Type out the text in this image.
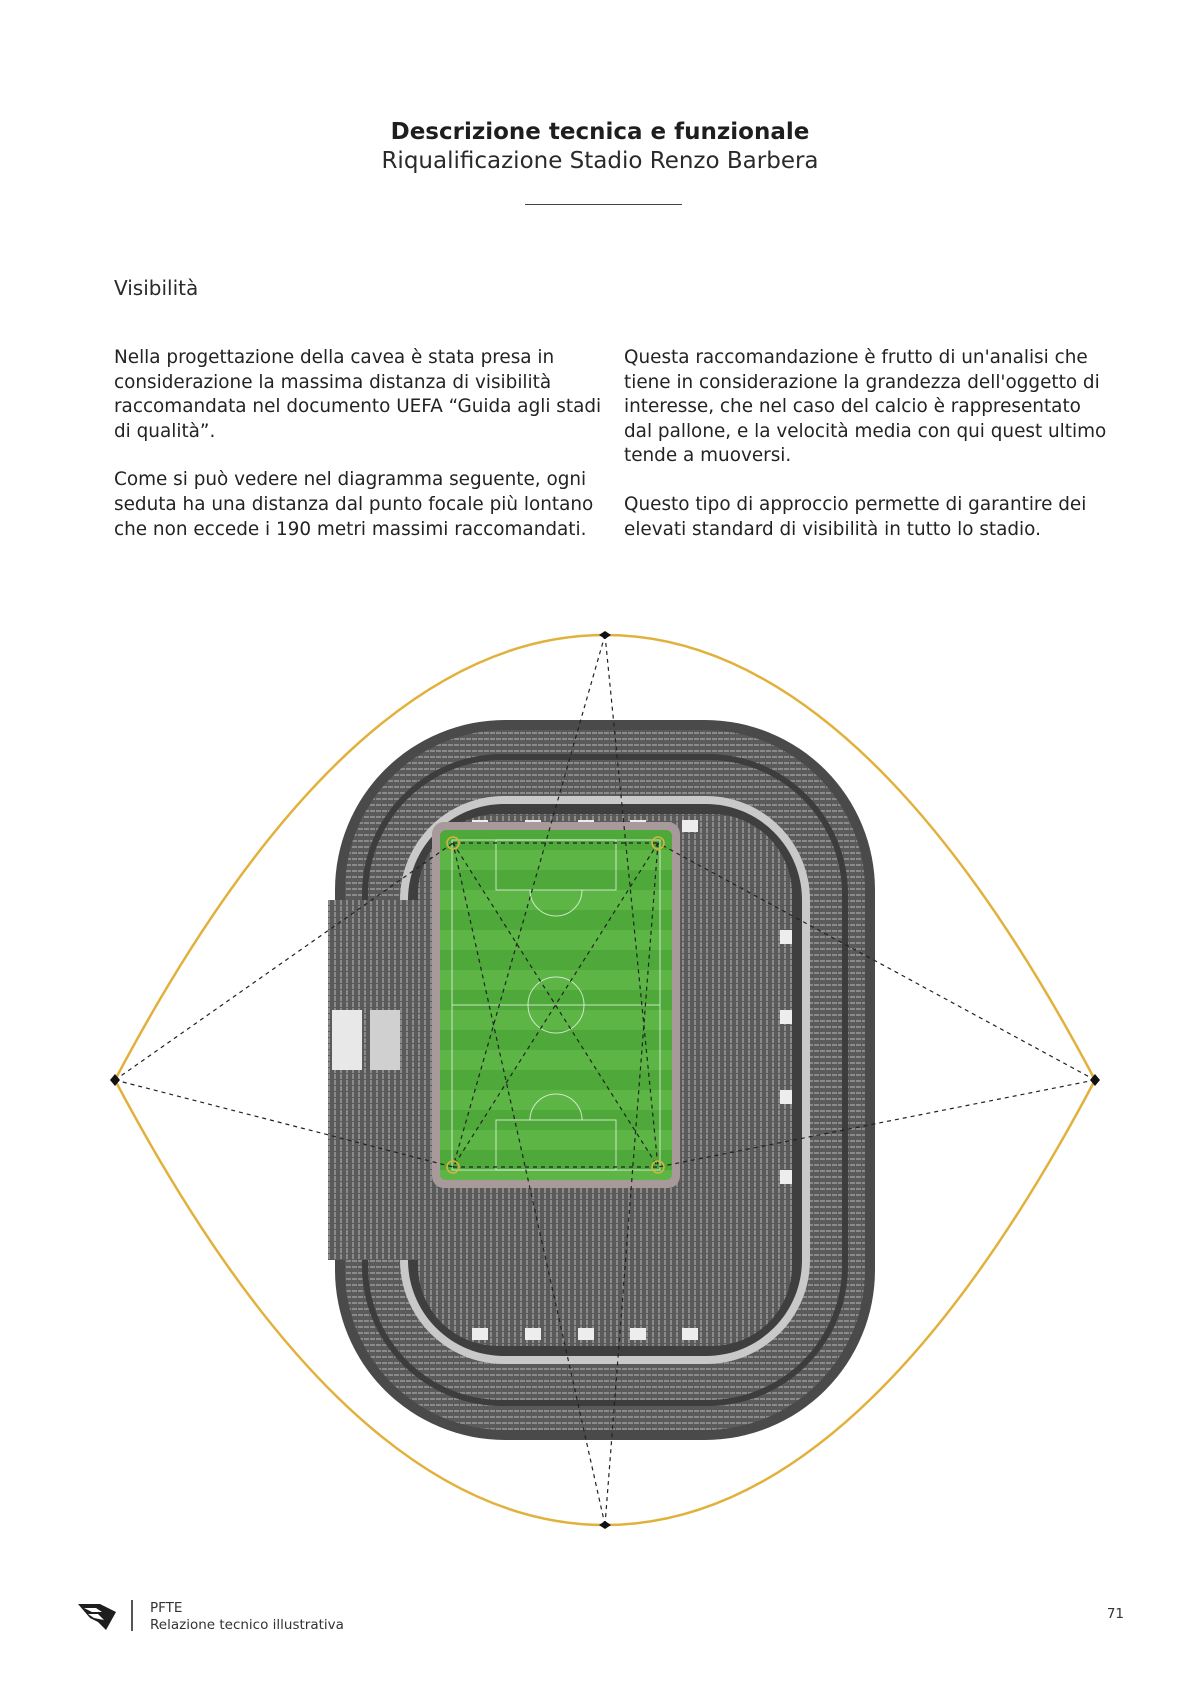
Descrizione tecnica e funzionale
Riqualificazione Stadio Renzo Barbera
Visibilità

Nella progettazione della cavea è stata presa in considerazione la massima distanza di visibilità raccomandata nel documento UEFA “Guida agli stadi di qualità”.

Come si può vedere nel diagramma seguente, ogni seduta ha una distanza dal punto focale più lontano che non eccede i 190 metri massimi raccomandati.

Questa raccomandazione è frutto di un'analisi che tiene in considerazione la grandezza dell'oggetto di interesse, che nel caso del calcio è rappresentato dal pallone, e la velocità media con qui quest ultimo tende a muoversi.

Questo tipo di approccio permette di garantire dei elevati standard di visibilità in tutto lo stadio.

PFTE
Relazione tecnico illustrativa
71
